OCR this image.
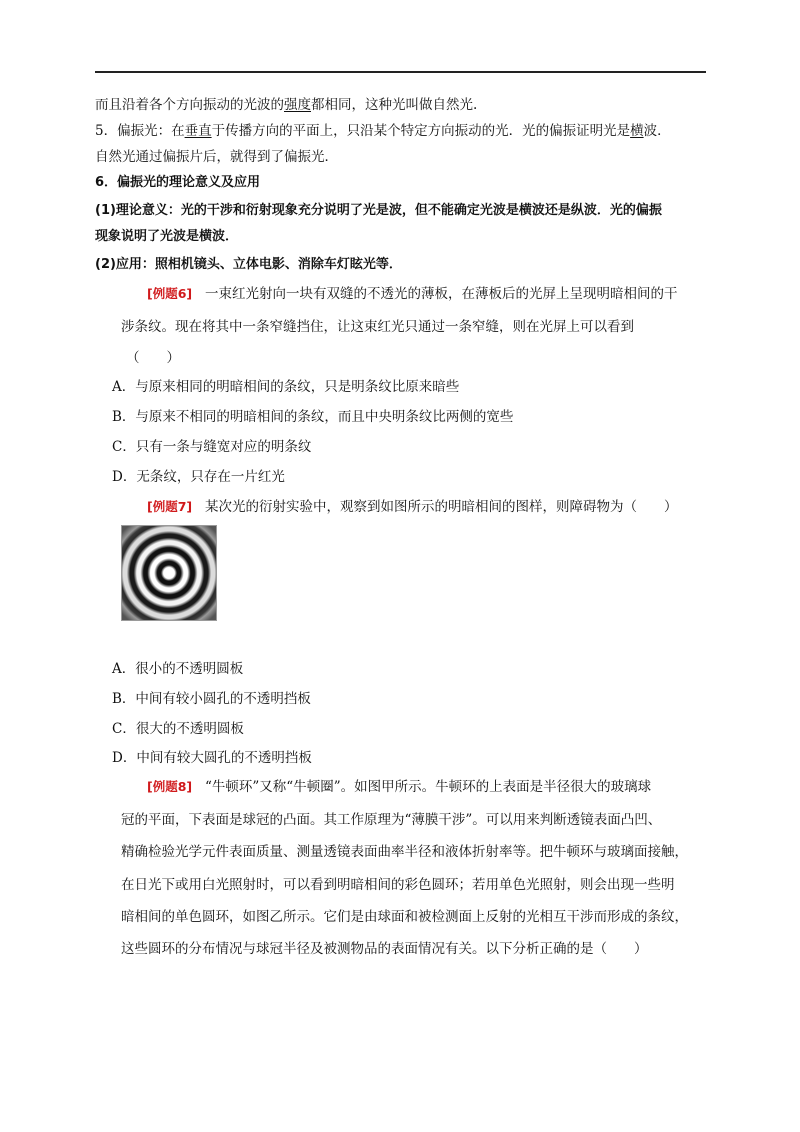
而且沿着各个方向振动的光波的强度都相同，这种光叫做自然光.
5．偏振光：在垂直于传播方向的平面上，只沿某个特定方向振动的光．光的偏振证明光是横波．
自然光通过偏振片后，就得到了偏振光．
6．偏振光的理论意义及应用
(1)理论意义：光的干涉和衍射现象充分说明了光是波，但不能确定光波是横波还是纵波．光的偏振
现象说明了光波是横波．
(2)应用：照相机镜头、立体电影、消除车灯眩光等．
[例题6] 一束红光射向一块有双缝的不透光的薄板，在薄板后的光屏上呈现明暗相间的干
涉条纹。现在将其中一条窄缝挡住，让这束红光只通过一条窄缝，则在光屏上可以看到
（　　）
A．与原来相同的明暗相间的条纹，只是明条纹比原来暗些
B．与原来不相同的明暗相间的条纹，而且中央明条纹比两侧的宽些
C．只有一条与缝宽对应的明条纹
D．无条纹，只存在一片红光
[例题7] 某次光的衍射实验中，观察到如图所示的明暗相间的图样，则障碍物为（　　）
A．很小的不透明圆板
B．中间有较小圆孔的不透明挡板
C．很大的不透明圆板
D．中间有较大圆孔的不透明挡板
[例题8] “牛顿环”又称“牛顿圈”。如图甲所示。牛顿环的上表面是半径很大的玻璃球
冠的平面，下表面是球冠的凸面。其工作原理为“薄膜干涉”。可以用来判断透镜表面凸凹、
精确检验光学元件表面质量、测量透镜表面曲率半径和液体折射率等。把牛顿环与玻璃面接触，
在日光下或用白光照射时，可以看到明暗相间的彩色圆环；若用单色光照射，则会出现一些明
暗相间的单色圆环，如图乙所示。它们是由球面和被检测面上反射的光相互干涉而形成的条纹，
这些圆环的分布情况与球冠半径及被测物品的表面情况有关。以下分析正确的是（　　）
